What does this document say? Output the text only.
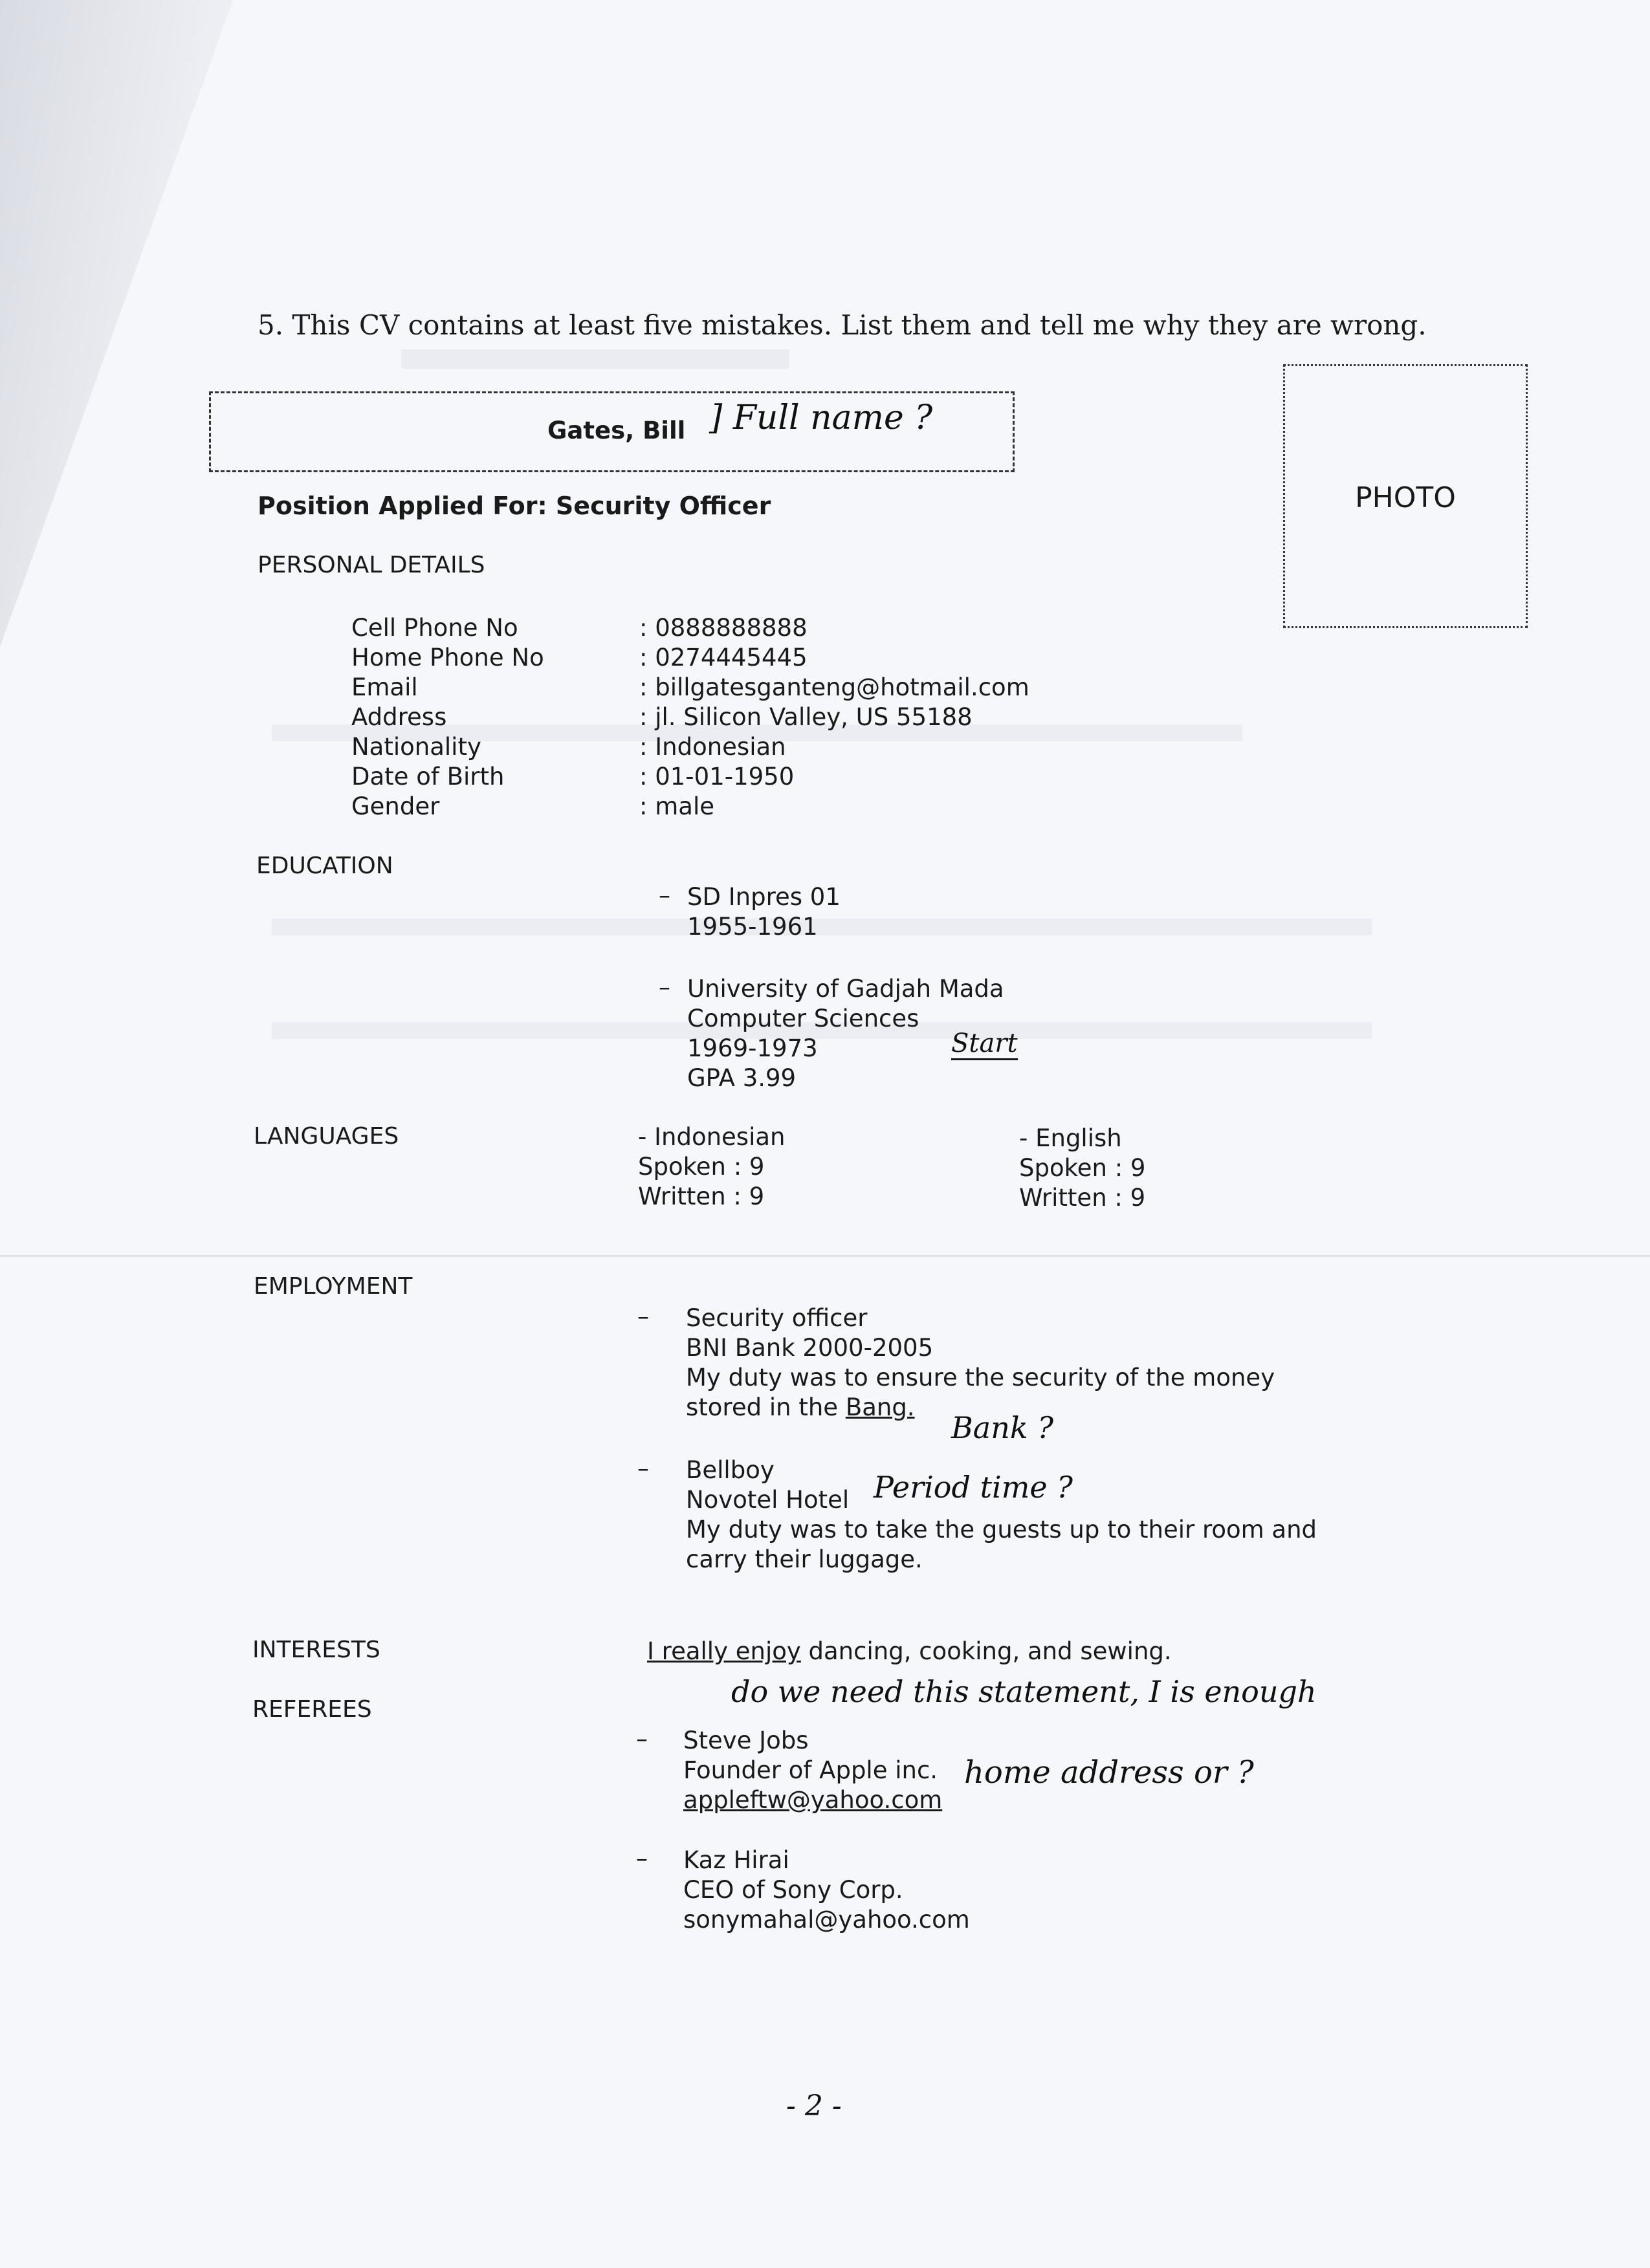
5. This CV contains at least five mistakes. List them and tell me why they are wrong.
Gates, Bill ] Full name ?
PHOTO
Position Applied For: Security Officer
PERSONAL DETAILS
Cell Phone No
Home Phone No
Email
Address
Nationality
Date of Birth
Gender
: 0888888888
: 0274445445
: billgatesganteng@hotmail.com
: jl. Silicon Valley, US 55188
: Indonesian
: 01-01-1950
: male
EDUCATION
– SD Inpres 01
1955-1961
– University of Gadjah Mada
Computer Sciences
1969-1973
GPA 3.99
Start
LANGUAGES	- Indonesian
Spoken : 9
Written : 9
- English
Spoken : 9
Written : 9
EMPLOYMENT
– Security officer
BNI Bank 2000-2005
My duty was to ensure the security of the money
stored in the Bang.
Bank ?
– Bellboy
Novotel Hotel
My duty was to take the guests up to their room and
carry their luggage.
Period time ?
INTERESTS	I really enjoy dancing, cooking, and sewing.
do we need this statement, I is enough
REFEREES
– Steve Jobs
Founder of Apple inc.
appleftw@yahoo.com
home address or ?
– Kaz Hirai
CEO of Sony Corp.
sonymahal@yahoo.com
- 2 -
